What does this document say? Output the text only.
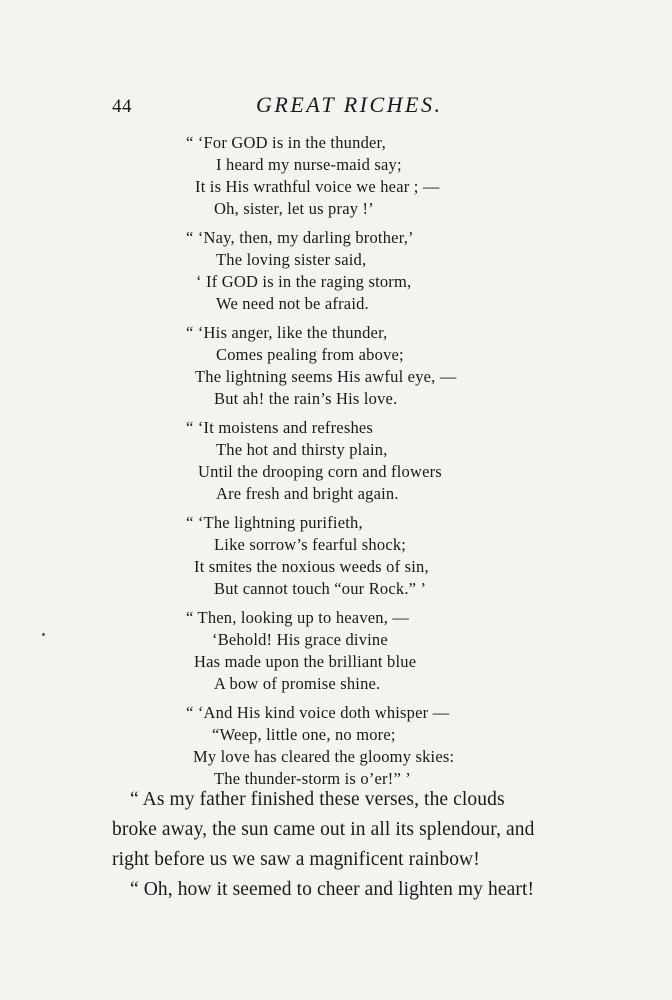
44	GREAT RICHES.
“ ‘For GOD is in the thunder,
I heard my nurse-maid say;
It is His wrathful voice we hear ; —
Oh, sister, let us pray !’
“ ‘Nay, then, my darling brother,’
The loving sister said,
‘ If GOD is in the raging storm,
We need not be afraid.
“ ‘His anger, like the thunder,
Comes pealing from above;
The lightning seems His awful eye, —
But ah! the rain’s His love.
“ ‘It moistens and refreshes
The hot and thirsty plain,
Until the drooping corn and flowers
Are fresh and bright again.
“ ‘The lightning purifieth,
Like sorrow’s fearful shock;
It smites the noxious weeds of sin,
But cannot touch “our Rock.” ’
“ Then, looking up to heaven, —
‘Behold! His grace divine
Has made upon the brilliant blue
A bow of promise shine.
“ ‘And His kind voice doth whisper —
“Weep, little one, no more;
My love has cleared the gloomy skies:
The thunder-storm is o’er!” ’
“ As my father finished these verses, the clouds
broke away, the sun came out in all its splendour, and
right before us we saw a magnificent rainbow!
“ Oh, how it seemed to cheer and lighten my heart!
